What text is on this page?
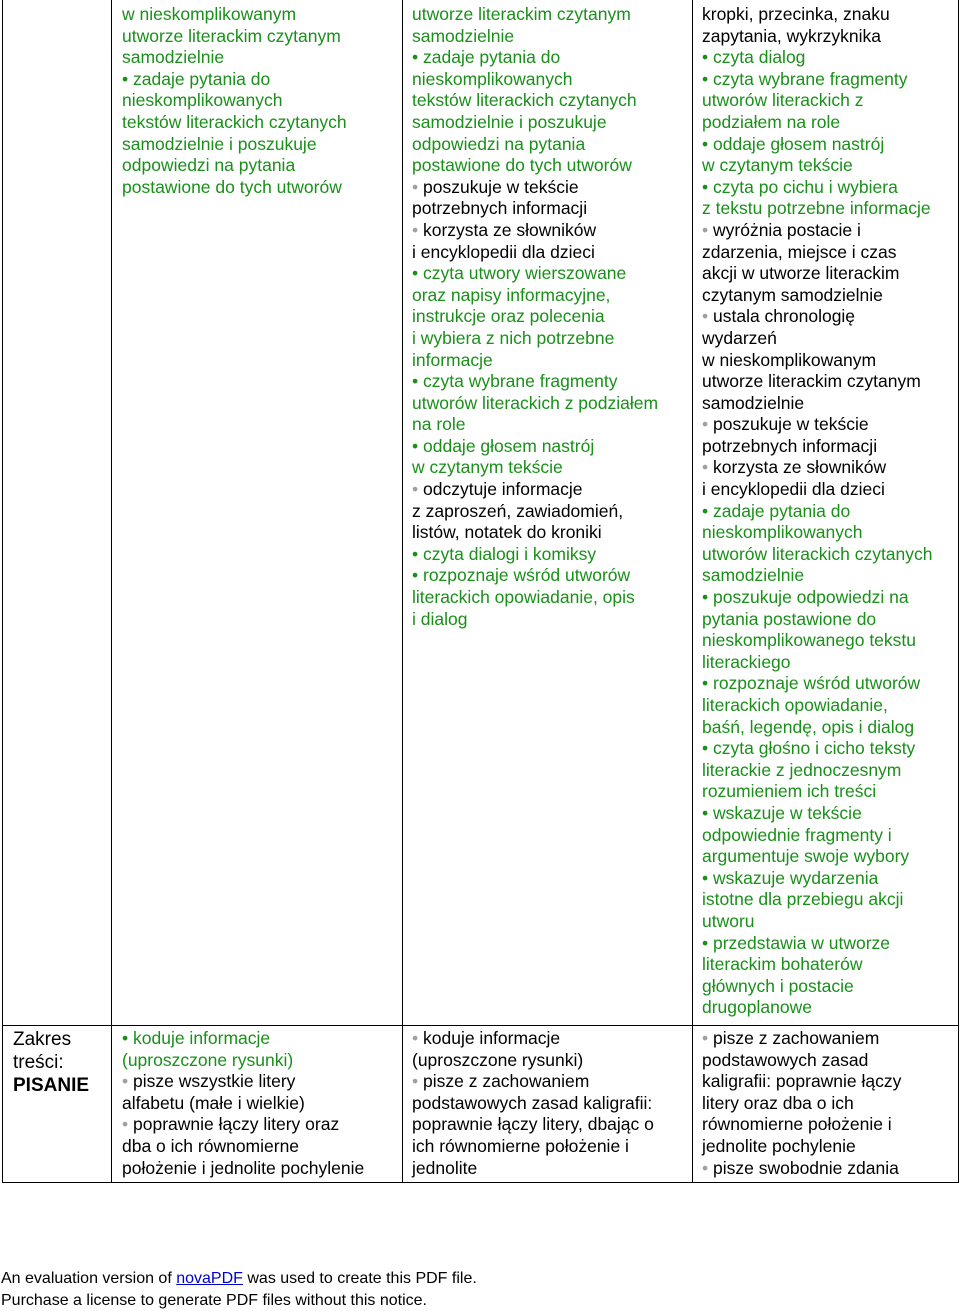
Zakres
treści:
PISANIE
w nieskomplikowanym
utworze literackim czytanym
samodzielnie
• zadaje pytania do
nieskomplikowanych
tekstów literackich czytanych
samodzielnie i poszukuje
odpowiedzi na pytania
postawione do tych utworów
utworze literackim czytanym
samodzielnie
• zadaje pytania do
nieskomplikowanych
tekstów literackich czytanych
samodzielnie i poszukuje
odpowiedzi na pytania
postawione do tych utworów
• poszukuje w tekście
potrzebnych informacji
• korzysta ze słowników
i encyklopedii dla dzieci
• czyta utwory wierszowane
oraz napisy informacyjne,
instrukcje oraz polecenia
i wybiera z nich potrzebne
informacje
• czyta wybrane fragmenty
utworów literackich z podziałem
na role
• oddaje głosem nastrój
w czytanym tekście
• odczytuje informacje
z zaproszeń, zawiadomień,
listów, notatek do kroniki
• czyta dialogi i komiksy
• rozpoznaje wśród utworów
literackich opowiadanie, opis
i dialog
kropki, przecinka, znaku
zapytania, wykrzyknika
• czyta dialog
• czyta wybrane fragmenty
utworów literackich z
podziałem na role
• oddaje głosem nastrój
w czytanym tekście
• czyta po cichu i wybiera
z tekstu potrzebne informacje
• wyróżnia postacie i
zdarzenia, miejsce i czas
akcji w utworze literackim
czytanym samodzielnie
• ustala chronologię
wydarzeń
w nieskomplikowanym
utworze literackim czytanym
samodzielnie
• poszukuje w tekście
potrzebnych informacji
• korzysta ze słowników
i encyklopedii dla dzieci
• zadaje pytania do
nieskomplikowanych
utworów literackich czytanych
samodzielnie
• poszukuje odpowiedzi na
pytania postawione do
nieskomplikowanego tekstu
literackiego
• rozpoznaje wśród utworów
literackich opowiadanie,
baśń, legendę, opis i dialog
• czyta głośno i cicho teksty
literackie z jednoczesnym
rozumieniem ich treści
• wskazuje w tekście
odpowiednie fragmenty i
argumentuje swoje wybory
• wskazuje wydarzenia
istotne dla przebiegu akcji
utworu
• przedstawia w utworze
literackim bohaterów
głównych i postacie
drugoplanowe
• koduje informacje
(uproszczone rysunki)
• pisze wszystkie litery
alfabetu (małe i wielkie)
• poprawnie łączy litery oraz
dba o ich równomierne
położenie i jednolite pochylenie
• koduje informacje
(uproszczone rysunki)
• pisze z zachowaniem
podstawowych zasad kaligrafii:
poprawnie łączy litery, dbając o
ich równomierne położenie i
jednolite
• pisze z zachowaniem
podstawowych zasad
kaligrafii: poprawnie łączy
litery oraz dba o ich
równomierne położenie i
jednolite pochylenie
• pisze swobodnie zdania
An evaluation version of novaPDF was used to create this PDF file.
Purchase a license to generate PDF files without this notice.
